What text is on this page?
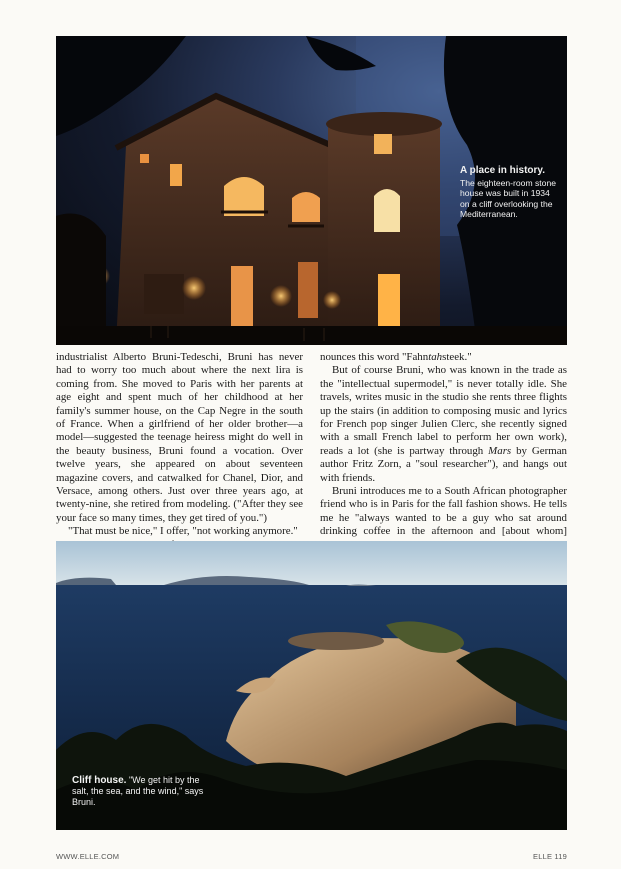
A place in history.
The eighteen-room stone house was built in 1934 on a cliff overlooking the Mediterranean.

industrialist Alberto Bruni-Tedeschi, Bruni has never had to worry too much about where the next lira is coming from. She moved to Paris with her parents at age eight and spent much of her childhood at her family's summer house, on the Cap Negre in the south of France. When a girlfriend of her older brother—a model—suggested the teenage heiress might do well in the beauty business, Bruni found a vocation. Over twelve years, she appeared on about seventeen magazine covers, and catwalked for Chanel, Dior, and Versace, among others. Just over three years ago, at twenty-nine, she retired from modeling. ("After they see your face so many times, they get tired of you.")

"That must be nice," I offer, "not working anymore."

nounces this word "Fahntahsteek."

But of course Bruni, who was known in the trade as the "intellectual supermodel," is never totally idle. She travels, writes music in the studio she rents three flights up the stairs (in addition to composing music and lyrics for French pop singer Julien Clerc, she recently signed with a small French label to perform her own work), reads a lot (she is partway through Mars by German author Fritz Zorn, a "soul researcher"), and hangs out with friends.

Bruni introduces me to a South African photographer friend who is in Paris for the fall fashion shows. He tells me he "always wanted to be a guy who sat around drinking coffee in the afternoon and [about whom]

Cliff house. "We get hit by the salt, the sea, and the wind," says Bruni.
WWW.ELLE.COM	ELLE 119
